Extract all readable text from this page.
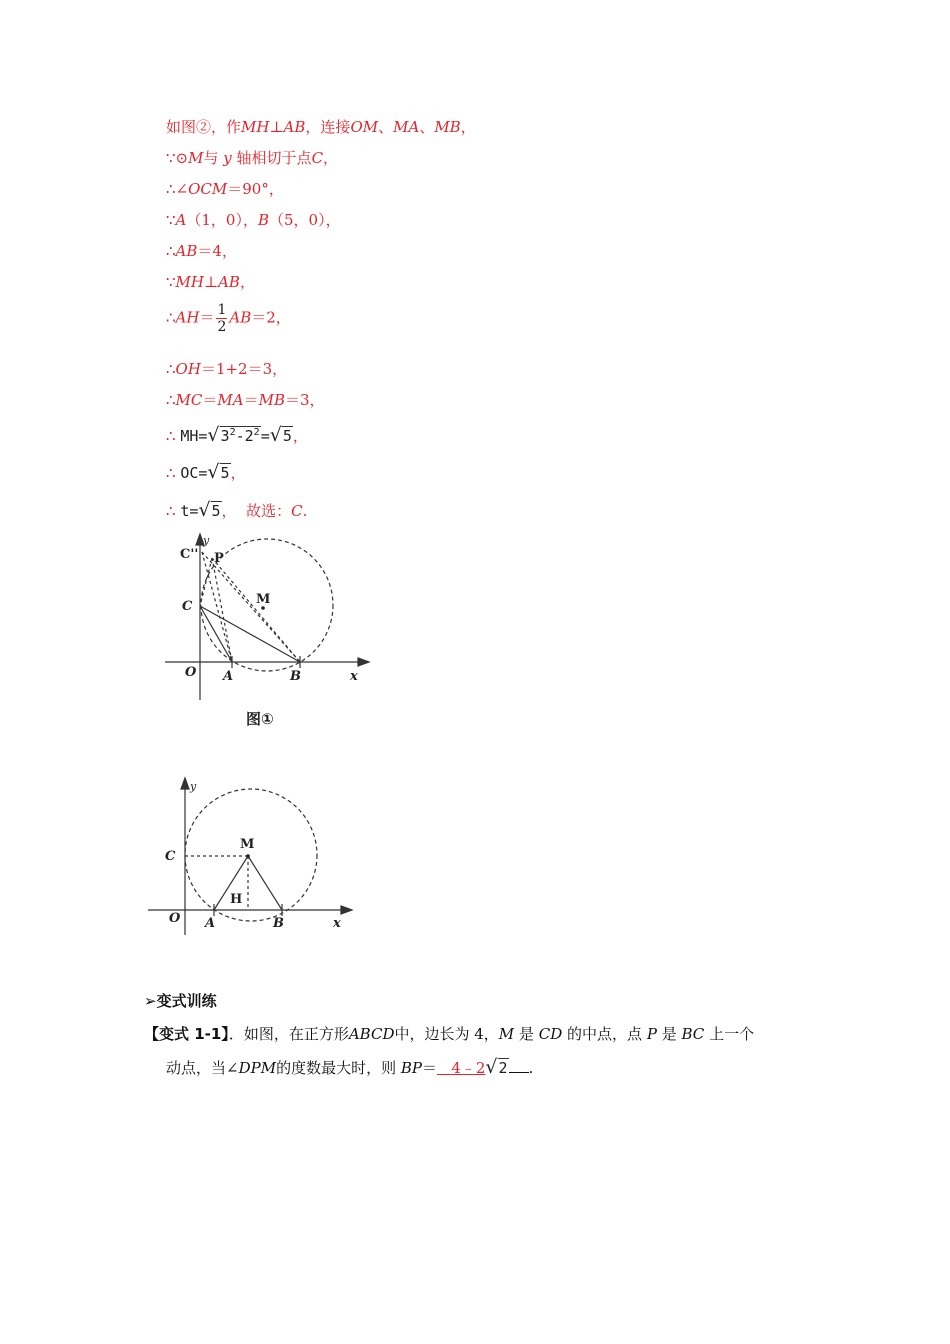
如图②，作MH⊥AB，连接OM、MA、MB，
∵⊙M与 y 轴相切于点C，
∴∠OCM＝90°，
∵A（1，0），B（5，0），
∴AB＝4，
∵MH⊥AB，
∴AH＝ $\frac{1}{2} AB=2$，
∴OH＝1+2＝3，
∴MC＝MA＝MB＝3，
∴ $MH=√3^2-2^2=√5$，
∴ OC=√5，
∴ t=√5， 故选：C.
C''
y
P
M
C
O A	B	x
图①
y
M
C
H
O A	B	x
➢变式训练
【变式 1-1】．如图，在正方形ABCD中，边长为 4，M 是 CD 的中点，点 P 是 BC 上一个
动点，当∠DPM的度数最大时，则 BP＝ 4﹣2√2 .
